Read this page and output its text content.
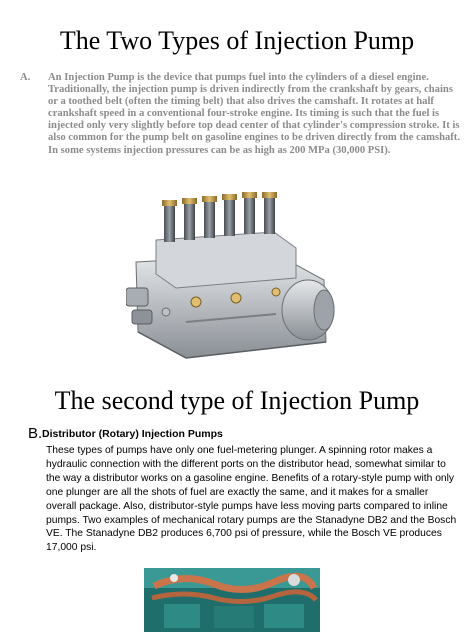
The Two Types of Injection Pump
A. An Injection Pump is the device that pumps fuel into the cylinders of a diesel engine. Traditionally, the injection pump is driven indirectly from the crankshaft by gears, chains or a toothed belt (often the timing belt) that also drives the camshaft. It rotates at half crankshaft speed in a conventional four-stroke engine. Its timing is such that the fuel is injected only very slightly before top dead center of that cylinder's compression stroke. It is also common for the pump belt on gasoline engines to be driven directly from the camshaft. In some systems injection pressures can be as high as 200 MPa (30,000 PSI).
The second type of Injection Pump
B. Distributor (Rotary) Injection Pumps
These types of pumps have only one fuel-metering plunger. A spinning rotor makes a hydraulic connection with the different ports on the distributor head, somewhat similar to the way a distributor works on a gasoline engine. Benefits of a rotary-style pump with only one plunger are all the shots of fuel are exactly the same, and it makes for a smaller overall package. Also, distributor-style pumps have less moving parts compared to inline pumps. Two examples of mechanical rotary pumps are the Stanadyne DB2 and the Bosch VE. The Stanadyne DB2 produces 6,700 psi of pressure, while the Bosch VE produces 17,000 psi.
